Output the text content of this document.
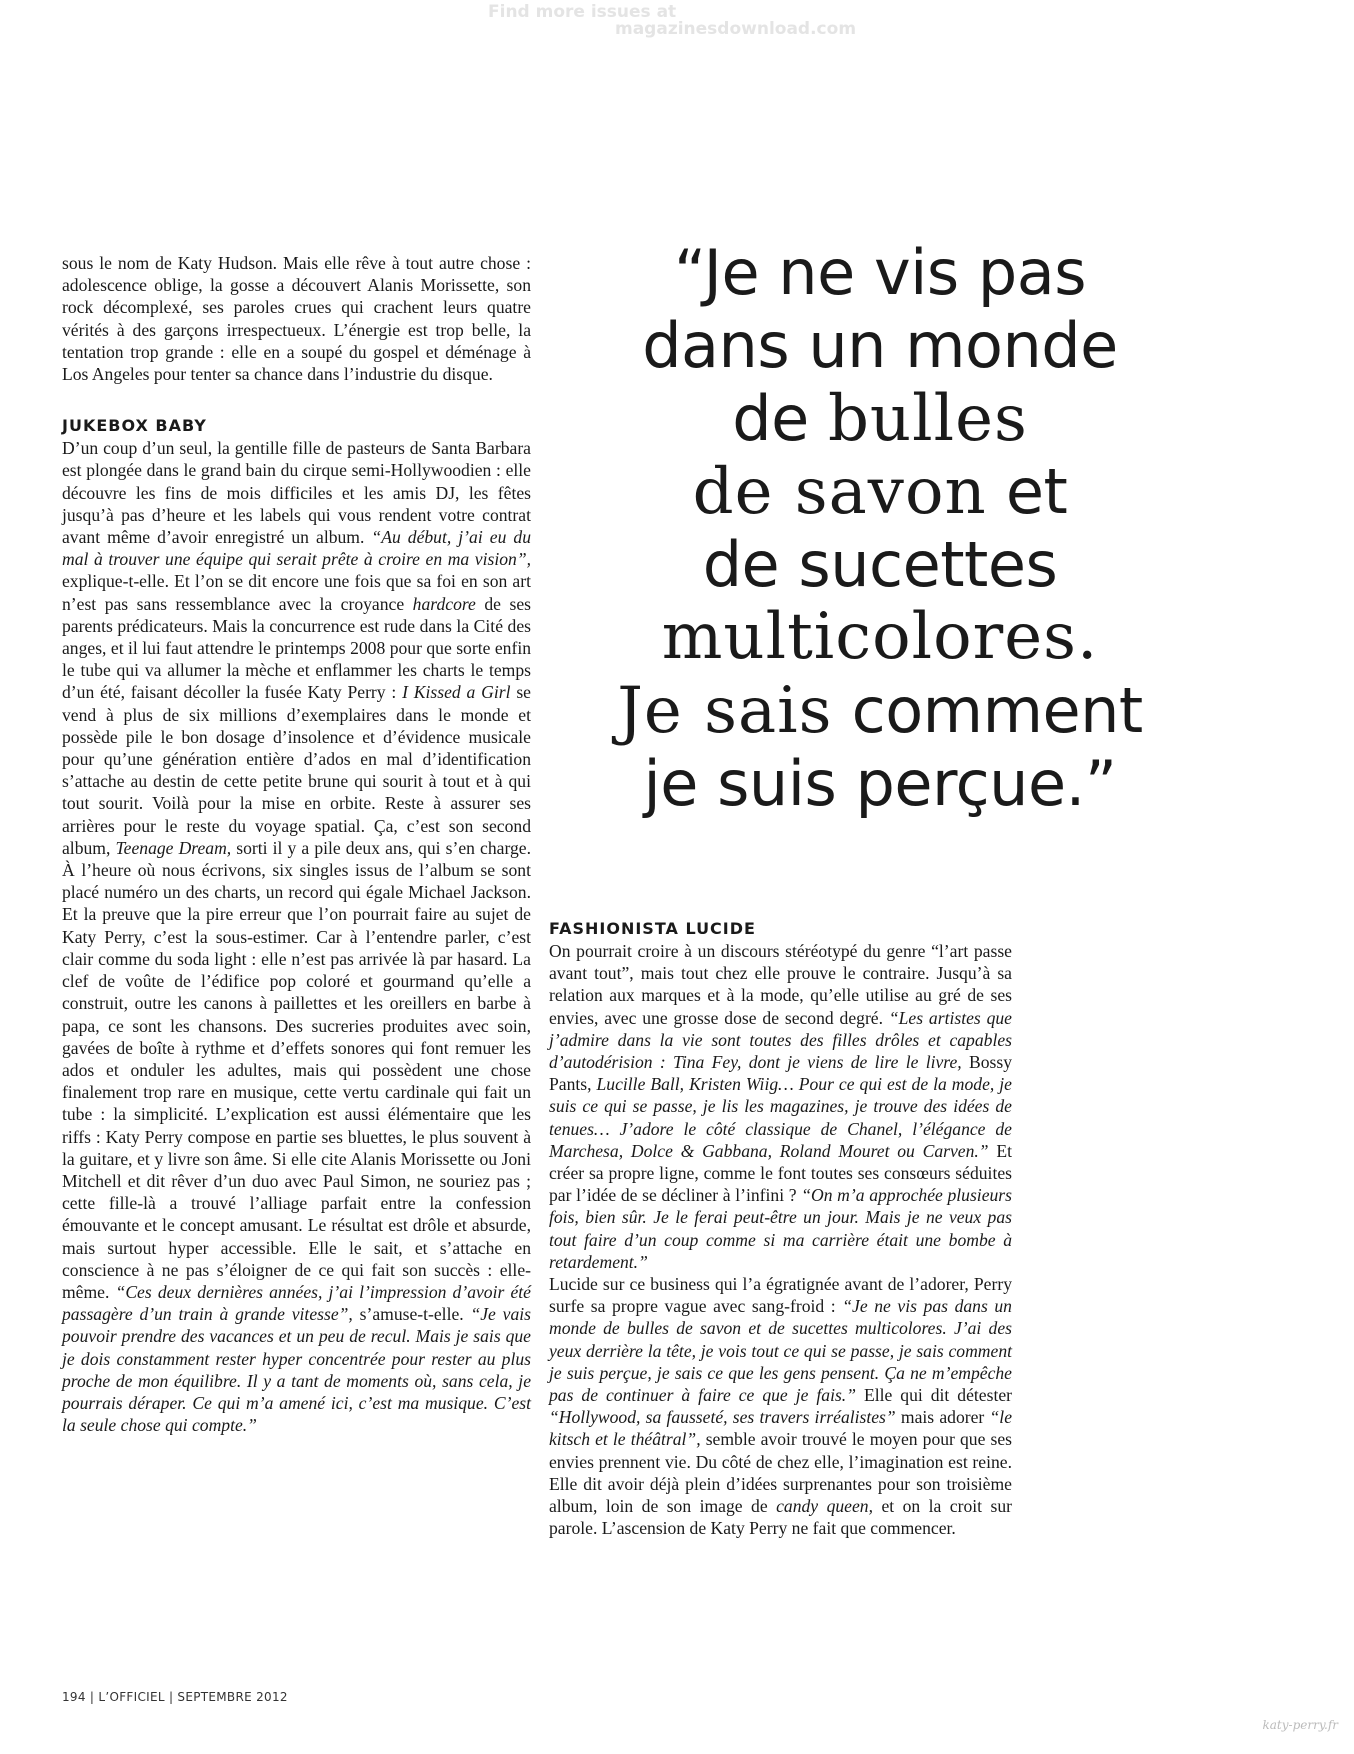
Find more issues at
magazinesdownload.com

sous le nom de Katy Hudson. Mais elle rêve à tout autre chose : adolescence oblige, la gosse a découvert Alanis Morissette, son rock décomplexé, ses paroles crues qui crachent leurs quatre vérités à des garçons irrespectueux. L’énergie est trop belle, la tentation trop grande : elle en a soupé du gospel et déménage à Los Angeles pour tenter sa chance dans l’industrie du disque.

JUKEBOX BABY

D’un coup d’un seul, la gentille fille de pasteurs de Santa Barbara est plongée dans le grand bain du cirque semi-Hollywoodien : elle découvre les fins de mois difficiles et les amis DJ, les fêtes jusqu’à pas d’heure et les labels qui vous rendent votre contrat avant même d’avoir enregistré un album. “Au début, j’ai eu du mal à trouver une équipe qui serait prête à croire en ma vision”, explique-t-elle. Et l’on se dit encore une fois que sa foi en son art n’est pas sans ressemblance avec la croyance hardcore de ses parents prédicateurs. Mais la concurrence est rude dans la Cité des anges, et il lui faut attendre le printemps 2008 pour que sorte enfin le tube qui va allumer la mèche et enflammer les charts le temps d’un été, faisant décoller la fusée Katy Perry : I Kissed a Girl se vend à plus de six millions d’exemplaires dans le monde et possède pile le bon dosage d’insolence et d’évidence musicale pour qu’une génération entière d’ados en mal d’identification s’attache au destin de cette petite brune qui sourit à tout et à qui tout sourit. Voilà pour la mise en orbite. Reste à assurer ses arrières pour le reste du voyage spatial. Ça, c’est son second album, Teenage Dream, sorti il y a pile deux ans, qui s’en charge. À l’heure où nous écrivons, six singles issus de l’album se sont placé numéro un des charts, un record qui égale Michael Jackson. Et la preuve que la pire erreur que l’on pourrait faire au sujet de Katy Perry, c’est la sous-estimer. Car à l’entendre parler, c’est clair comme du soda light : elle n’est pas arrivée là par hasard. La clef de voûte de l’édifice pop coloré et gourmand qu’elle a construit, outre les canons à paillettes et les oreillers en barbe à papa, ce sont les chansons. Des sucreries produites avec soin, gavées de boîte à rythme et d’effets sonores qui font remuer les ados et onduler les adultes, mais qui possèdent une chose finalement trop rare en musique, cette vertu cardinale qui fait un tube : la simplicité. L’explication est aussi élémentaire que les riffs : Katy Perry compose en partie ses bluettes, le plus souvent à la guitare, et y livre son âme. Si elle cite Alanis Morissette ou Joni Mitchell et dit rêver d’un duo avec Paul Simon, ne souriez pas ; cette fille-là a trouvé l’alliage parfait entre la confession émouvante et le concept amusant. Le résultat est drôle et absurde, mais surtout hyper accessible. Elle le sait, et s’attache en conscience à ne pas s’éloigner de ce qui fait son succès : elle-même. “Ces deux dernières années, j’ai l’impression d’avoir été passagère d’un train à grande vitesse”, s’amuse-t-elle. “Je vais pouvoir prendre des vacances et un peu de recul. Mais je sais que je dois constamment rester hyper concentrée pour rester au plus proche de mon équilibre. Il y a tant de moments où, sans cela, je pourrais déraper. Ce qui m’a amené ici, c’est ma musique. C’est la seule chose qui compte.”

“Je ne vis pas
dans un monde
de bulles
de savon et
de sucettes
multicolores.
Je sais comment
je suis perçue.”
FASHIONISTA LUCIDE

On pourrait croire à un discours stéréotypé du genre “l’art passe avant tout”, mais tout chez elle prouve le contraire. Jusqu’à sa relation aux marques et à la mode, qu’elle utilise au gré de ses envies, avec une grosse dose de second degré. “Les artistes que j’admire dans la vie sont toutes des filles drôles et capables d’autodérision : Tina Fey, dont je viens de lire le livre, Bossy Pants, Lucille Ball, Kristen Wiig… Pour ce qui est de la mode, je suis ce qui se passe, je lis les magazines, je trouve des idées de tenues… J’adore le côté classique de Chanel, l’élégance de Marchesa, Dolce & Gabbana, Roland Mouret ou Carven.” Et créer sa propre ligne, comme le font toutes ses consœurs séduites par l’idée de se décliner à l’infini ? “On m’a approchée plusieurs fois, bien sûr. Je le ferai peut-être un jour. Mais je ne veux pas tout faire d’un coup comme si ma carrière était une bombe à retardement.”

Lucide sur ce business qui l’a égratignée avant de l’adorer, Perry surfe sa propre vague avec sang-froid : “Je ne vis pas dans un monde de bulles de savon et de sucettes multicolores. J’ai des yeux derrière la tête, je vois tout ce qui se passe, je sais comment je suis perçue, je sais ce que les gens pensent. Ça ne m’empêche pas de continuer à faire ce que je fais.” Elle qui dit détester “Hollywood, sa fausseté, ses travers irréalistes” mais adorer “le kitsch et le théâtral”, semble avoir trouvé le moyen pour que ses envies prennent vie. Du côté de chez elle, l’imagination est reine. Elle dit avoir déjà plein d’idées surprenantes pour son troisième album, loin de son image de candy queen, et on la croit sur parole. L’ascension de Katy Perry ne fait que commencer.

194 | L’OFFICIEL | SEPTEMBRE 2012
katy-perry.fr
